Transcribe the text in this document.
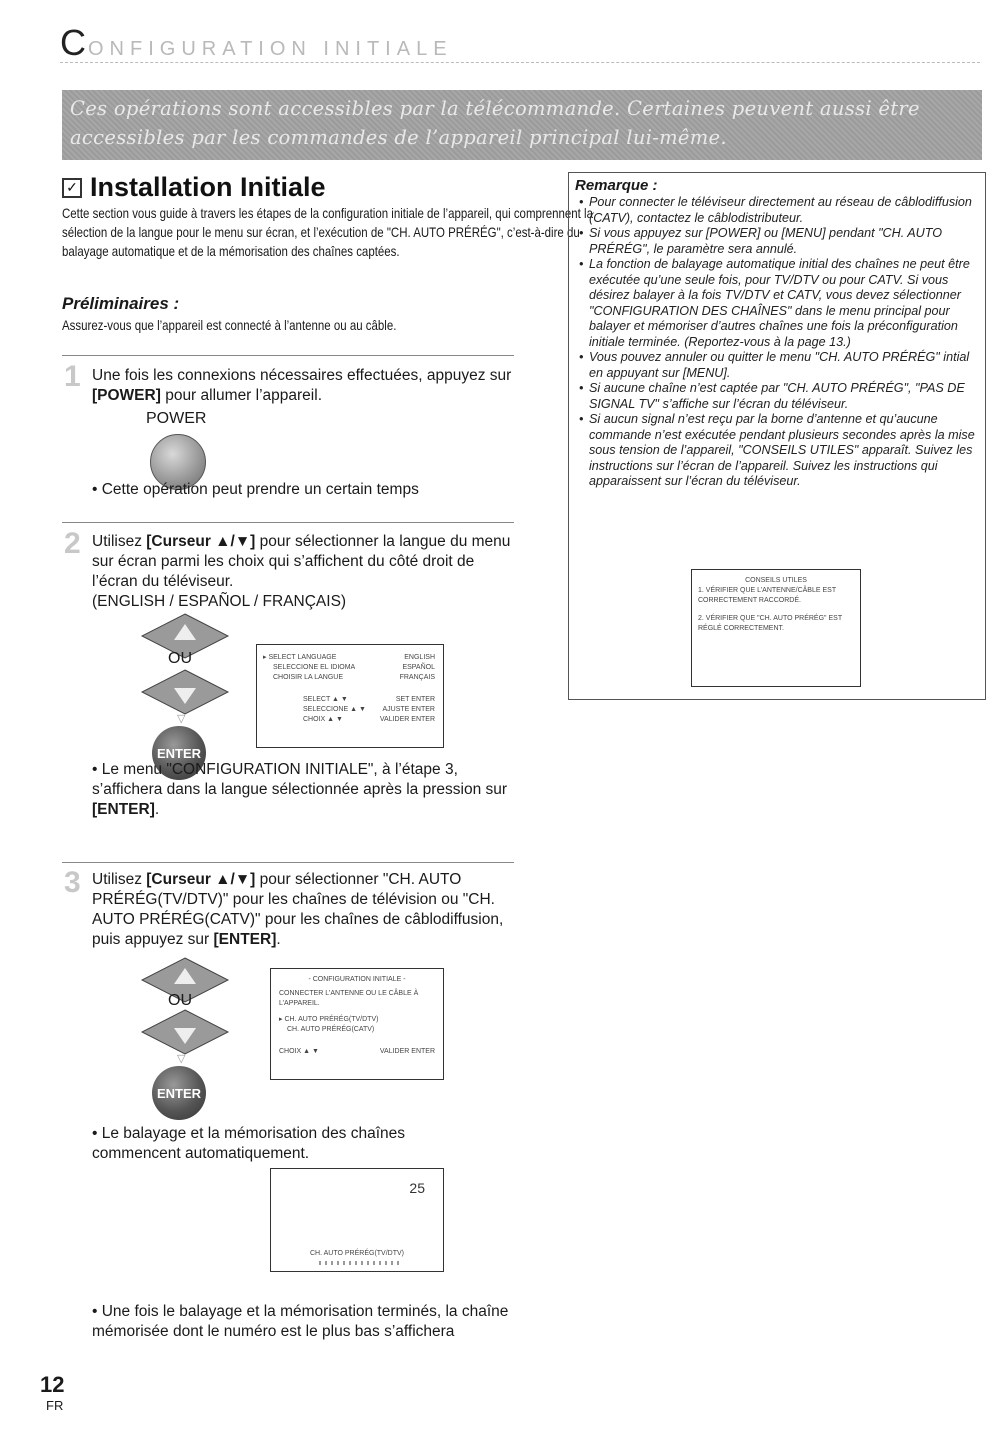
CONFIGURATION INITIALE

Ces opérations sont accessibles par la télécommande. Certaines peuvent aussi être accessibles par les commandes de l’appareil principal lui-même.

✓ Installation Initiale
Cette section vous guide à travers les étapes de la configuration initiale de l’appareil, qui comprennent la sélection de la langue pour le menu sur écran, et l’exécution de "CH. AUTO PRÉRÉG", c’est-à-dire du balayage automatique et de la mémorisation des chaînes captées.
Préliminaires :
Assurez-vous que l’appareil est connecté à l’antenne ou au câble.
1 Une fois les connexions nécessaires effectuées, appuyez sur [POWER] pour allumer l’appareil.
POWER
• Cette opération peut prendre un certain temps
2 Utilisez [Curseur ▲/▼] pour sélectionner la langue du menu sur écran parmi les choix qui s’affichent du côté droit de l’écran du téléviseur.
(ENGLISH / ESPAÑOL / FRANÇAIS)
OU
▽
ENTER
▸ SELECT LANGUAGE	ENGLISH
SELECCIONE EL IDIOMA	ESPAÑOL
CHOISIR LA LANGUE	FRANÇAIS
SELECT ▲ ▼	SET ENTER
SELECCIONE ▲ ▼ AJUSTE ENTER
CHOIX ▲ ▼	VALIDER ENTER
• Le menu "CONFIGURATION INITIALE", à l’étape 3, s’affichera dans la langue sélectionnée après la pression sur [ENTER].
3 Utilisez [Curseur ▲/▼] pour sélectionner "CH. AUTO PRÉRÉG(TV/DTV)" pour les chaînes de télévision ou "CH. AUTO PRÉRÉG(CATV)" pour les chaînes de câblodiffusion, puis appuyez sur [ENTER].
OU
▽
ENTER
- CONFIGURATION INITIALE -
CONNECTER L’ANTENNE OU LE CÂBLE À L’APPAREIL.
▸ CH. AUTO PRÉRÉG(TV/DTV)
CH. AUTO PRÉRÉG(CATV)
CHOIX ▲ ▼	VALIDER ENTER
• Le balayage et la mémorisation des chaînes commencent automatiquement.
25
CH. AUTO PRÉRÉG(TV/DTV)
• Une fois le balayage et la mémorisation terminés, la chaîne mémorisée dont le numéro est le plus bas s’affichera
Remarque :
• Pour connecter le téléviseur directement au réseau de câblodiffusion (CATV), contactez le câblodistributeur.
• Si vous appuyez sur [POWER] ou [MENU] pendant "CH. AUTO PRÉRÉG", le paramètre sera annulé.
• La fonction de balayage automatique initial des chaînes ne peut être exécutée qu’une seule fois, pour TV/DTV ou pour CATV. Si vous désirez balayer à la fois TV/DTV et CATV, vous devez sélectionner "CONFIGURATION DES CHAÎNES" dans le menu principal pour balayer et mémoriser d’autres chaînes une fois la préconfiguration initiale terminée. (Reportez-vous à la page 13.)
• Vous pouvez annuler ou quitter le menu "CH. AUTO PRÉRÉG" intial en appuyant sur [MENU].
• Si aucune chaîne n’est captée par "CH. AUTO PRÉRÉG", "PAS DE SIGNAL TV" s’affiche sur l’écran du téléviseur.
• Si aucun signal n’est reçu par la borne d’antenne et qu’aucune commande n’est exécutée pendant plusieurs secondes après la mise sous tension de l’appareil, "CONSEILS UTILES" apparaît. Suivez les instructions sur l’écran de l’appareil. Suivez les instructions qui apparaissent sur l’écran du téléviseur.
CONSEILS UTILES
1. VÉRIFIER QUE L’ANTENNE/CÂBLE EST CORRECTEMENT RACCORDÉ.
2. VÉRIFIER QUE "CH. AUTO PRÉRÉG" EST RÉGLÉ CORRECTEMENT.
12
FR
